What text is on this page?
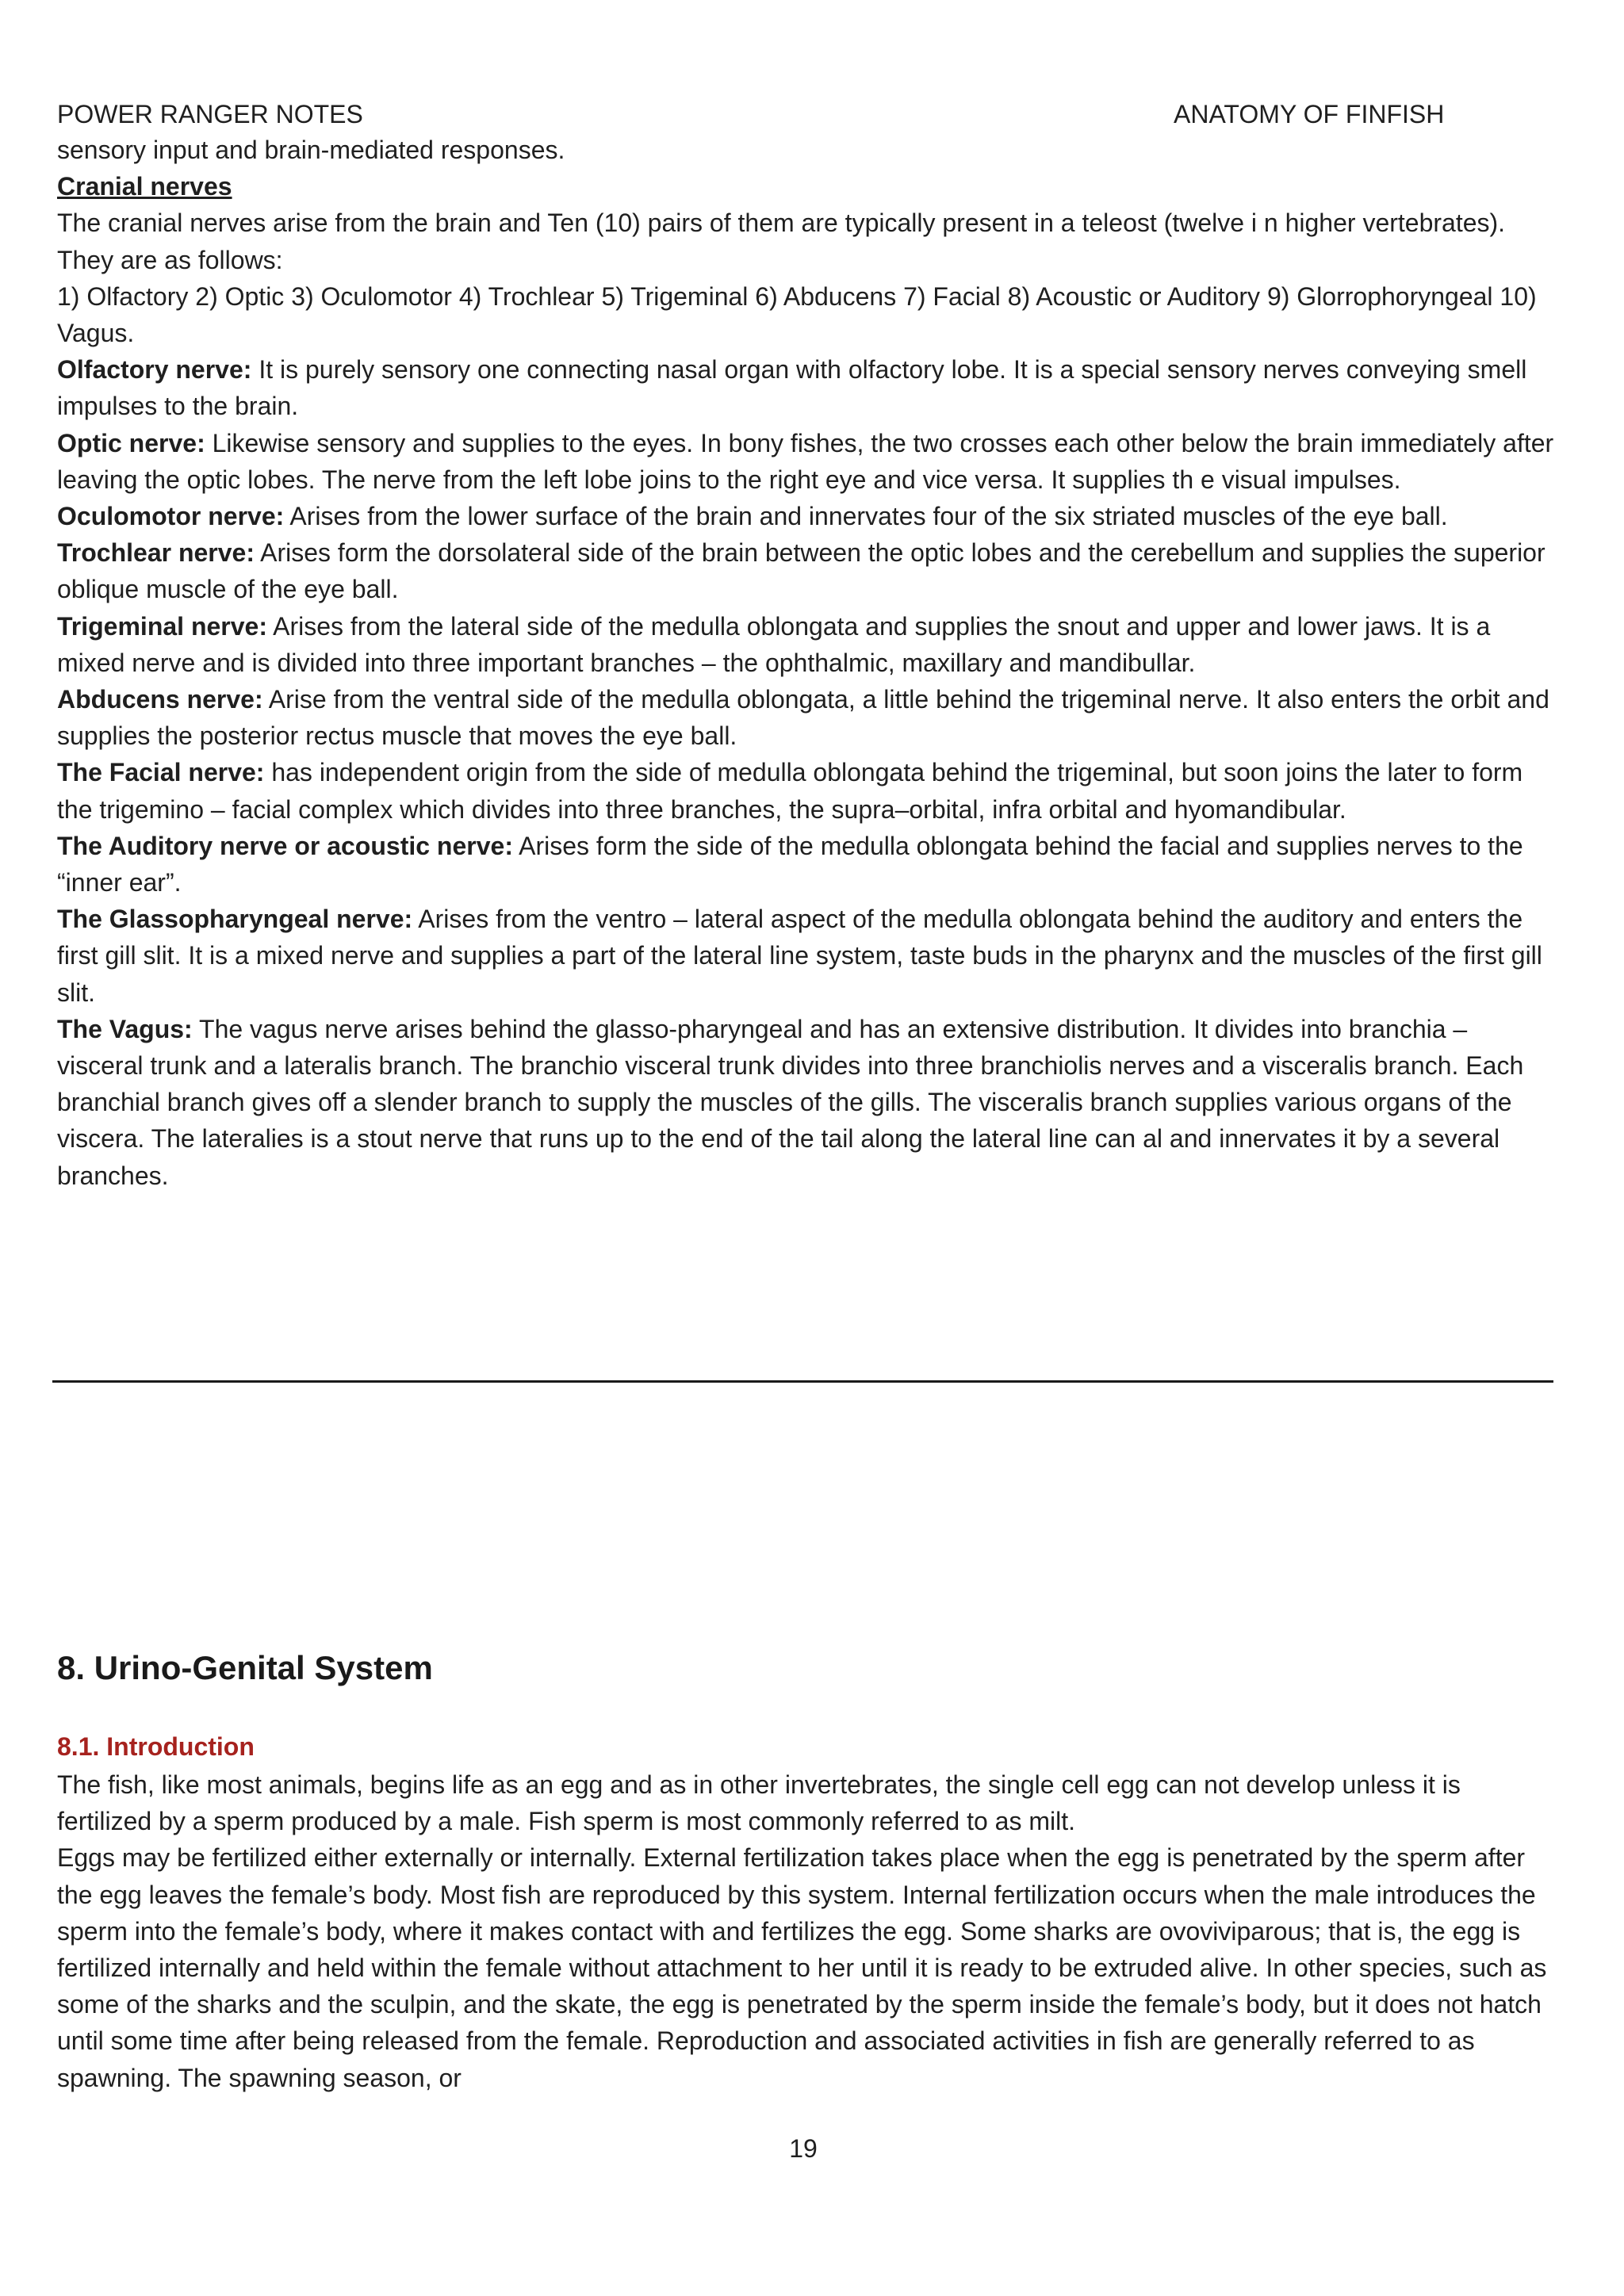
POWER RANGER NOTES	ANATOMY OF FINFISH

sensory input and brain-mediated responses.

Cranial nerves

The cranial nerves arise from the brain and Ten (10) pairs of them are typically present in a teleost (twelve i n higher vertebrates).

They are as follows:

1) Olfactory 2) Optic 3) Oculomotor 4) Trochlear 5) Trigeminal 6) Abducens 7) Facial 8) Acoustic or Auditory 9) Glorrophoryngeal 10) Vagus.

Olfactory nerve: It is purely sensory one connecting nasal organ with olfactory lobe. It is a special sensory nerves conveying smell impulses to the brain.

Optic nerve: Likewise sensory and supplies to the eyes. In bony fishes, the two crosses each other below the brain immediately after leaving the optic lobes. The nerve from the left lobe joins to the right eye and vice versa. It supplies th e visual impulses.

Oculomotor nerve: Arises from the lower surface of the brain and innervates four of the six striated muscles of the eye ball.

Trochlear nerve: Arises form the dorsolateral side of the brain between the optic lobes and the cerebellum and supplies the superior oblique muscle of the eye ball.

Trigeminal nerve: Arises from the lateral side of the medulla oblongata and supplies the snout and upper and lower jaws. It is a mixed nerve and is divided into three important branches – the ophthalmic, maxillary and mandibullar.

Abducens nerve: Arise from the ventral side of the medulla oblongata, a little behind the trigeminal nerve. It also enters the orbit and supplies the posterior rectus muscle that moves the eye ball.

The Facial nerve: has independent origin from the side of medulla oblongata behind the trigeminal, but soon joins the later to form the trigemino – facial complex which divides into three branches, the supra–orbital, infra orbital and hyomandibular.

The Auditory nerve or acoustic nerve: Arises form the side of the medulla oblongata behind the facial and supplies nerves to the “inner ear”.

The Glassopharyngeal nerve: Arises from the ventro – lateral aspect of the medulla oblongata behind the auditory and enters the first gill slit. It is a mixed nerve and supplies a part of the lateral line system, taste buds in the pharynx and the muscles of the first gill slit.

The Vagus: The vagus nerve arises behind the glasso-pharyngeal and has an extensive distribution. It divides into branchia – visceral trunk and a lateralis branch. The branchio visceral trunk divides into three branchiolis nerves and a visceralis branch. Each branchial branch gives off a slender branch to supply the muscles of the gills. The visceralis branch supplies various organs of the viscera. The lateralies is a stout nerve that runs up to the end of the tail along the lateral line can al and innervates it by a several branches.

8. Urino-Genital System
8.1. Introduction

The fish, like most animals, begins life as an egg and as in other invertebrates, the single cell egg can not develop unless it is fertilized by a sperm produced by a male. Fish sperm is most commonly referred to as milt.

Eggs may be fertilized either externally or internally. External fertilization takes place when the egg is penetrated by the sperm after the egg leaves the female’s body. Most fish are reproduced by this system. Internal fertilization occurs when the male introduces the sperm into the female’s body, where it makes contact with and fertilizes the egg. Some sharks are ovoviviparous; that is, the egg is fertilized internally and held within the female without attachment to her until it is ready to be extruded alive. In other species, such as some of the sharks and the sculpin, and the skate, the egg is penetrated by the sperm inside the female’s body, but it does not hatch until some time after being released from the female. Reproduction and associated activities in fish are generally referred to as spawning. The spawning season, or

19
